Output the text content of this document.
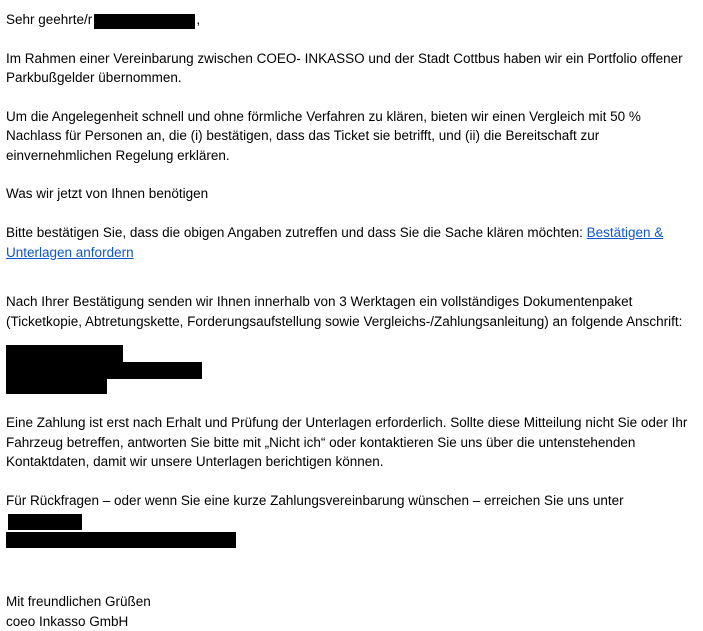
Sehr geehrte/r	,

Im Rahmen einer Vereinbarung zwischen COEO- INKASSO und der Stadt Cottbus haben wir ein Portfolio offener Parkbußgelder übernommen.

Um die Angelegenheit schnell und ohne förmliche Verfahren zu klären, bieten wir einen Vergleich mit 50 % Nachlass für Personen an, die (i) bestätigen, dass das Ticket sie betrifft, und (ii) die Bereitschaft zur einvernehmlichen Regelung erklären.

Was wir jetzt von Ihnen benötigen

Bitte bestätigen Sie, dass die obigen Angaben zutreffen und dass Sie die Sache klären möchten: Bestätigen & Unterlagen anfordern

Nach Ihrer Bestätigung senden wir Ihnen innerhalb von 3 Werktagen ein vollständiges Dokumentenpaket (Ticketkopie, Abtretungskette, Forderungsaufstellung sowie Vergleichs-/Zahlungsanleitung) an folgende Anschrift:

Eine Zahlung ist erst nach Erhalt und Prüfung der Unterlagen erforderlich. Sollte diese Mitteilung nicht Sie oder Ihr Fahrzeug betreffen, antworten Sie bitte mit „Nicht ich“ oder kontaktieren Sie uns über die untenstehenden Kontaktdaten, damit wir unsere Unterlagen berichtigen können.

Für Rückfragen – oder wenn Sie eine kurze Zahlungsvereinbarung wünschen – erreichen Sie uns unter

Mit freundlichen Grüßen

coeo Inkasso GmbH
